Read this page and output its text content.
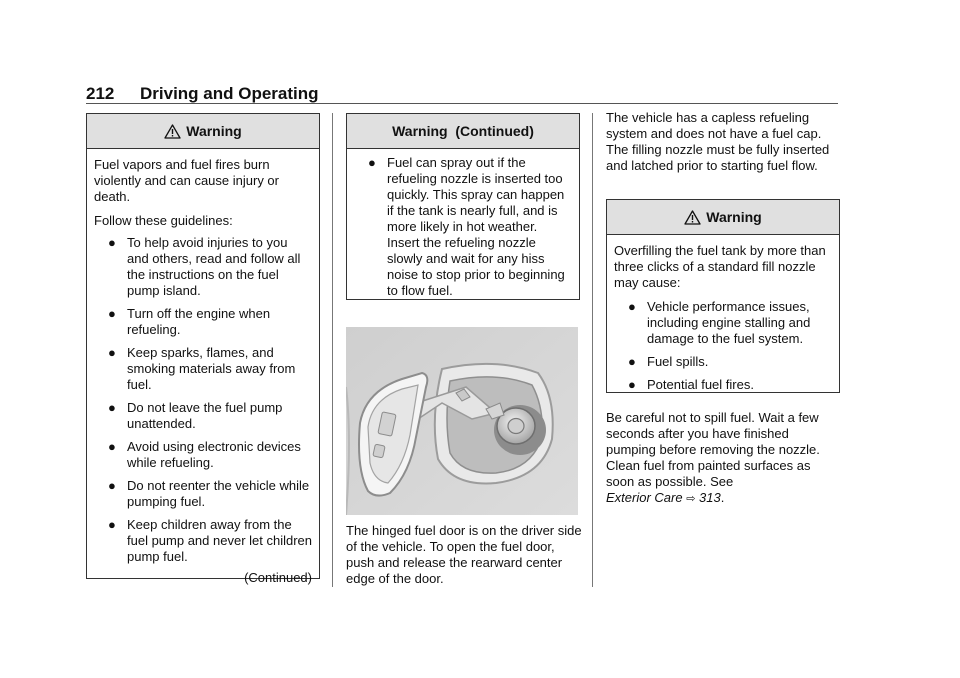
212 Driving and Operating
Warning

Fuel vapors and fuel fires burn violently and can cause injury or death.

Follow these guidelines:

● To help avoid injuries to you and others, read and follow all the instructions on the fuel pump island.
● Turn off the engine when refueling.
● Keep sparks, flames, and smoking materials away from fuel.
● Do not leave the fuel pump unattended.
● Avoid using electronic devices while refueling.
● Do not reenter the vehicle while pumping fuel.
● Keep children away from the fuel pump and never let children pump fuel.
(Continued)
Warning  (Continued)
● Fuel can spray out if the refueling nozzle is inserted too quickly. This spray can happen if the tank is nearly full, and is more likely in hot weather. Insert the refueling nozzle slowly and wait for any hiss noise to stop prior to beginning to flow fuel.

The hinged fuel door is on the driver side of the vehicle. To open the fuel door, push and release the rearward center edge of the door.

The vehicle has a capless refueling system and does not have a fuel cap. The filling nozzle must be fully inserted and latched prior to starting fuel flow.

Warning

Overfilling the fuel tank by more than three clicks of a standard fill nozzle may cause:

● Vehicle performance issues, including engine stalling and damage to the fuel system.
● Fuel spills.
● Potential fuel fires.

Be careful not to spill fuel. Wait a few seconds after you have finished pumping before removing the nozzle. Clean fuel from painted surfaces as soon as possible. See
Exterior Care ⇨ 313.
